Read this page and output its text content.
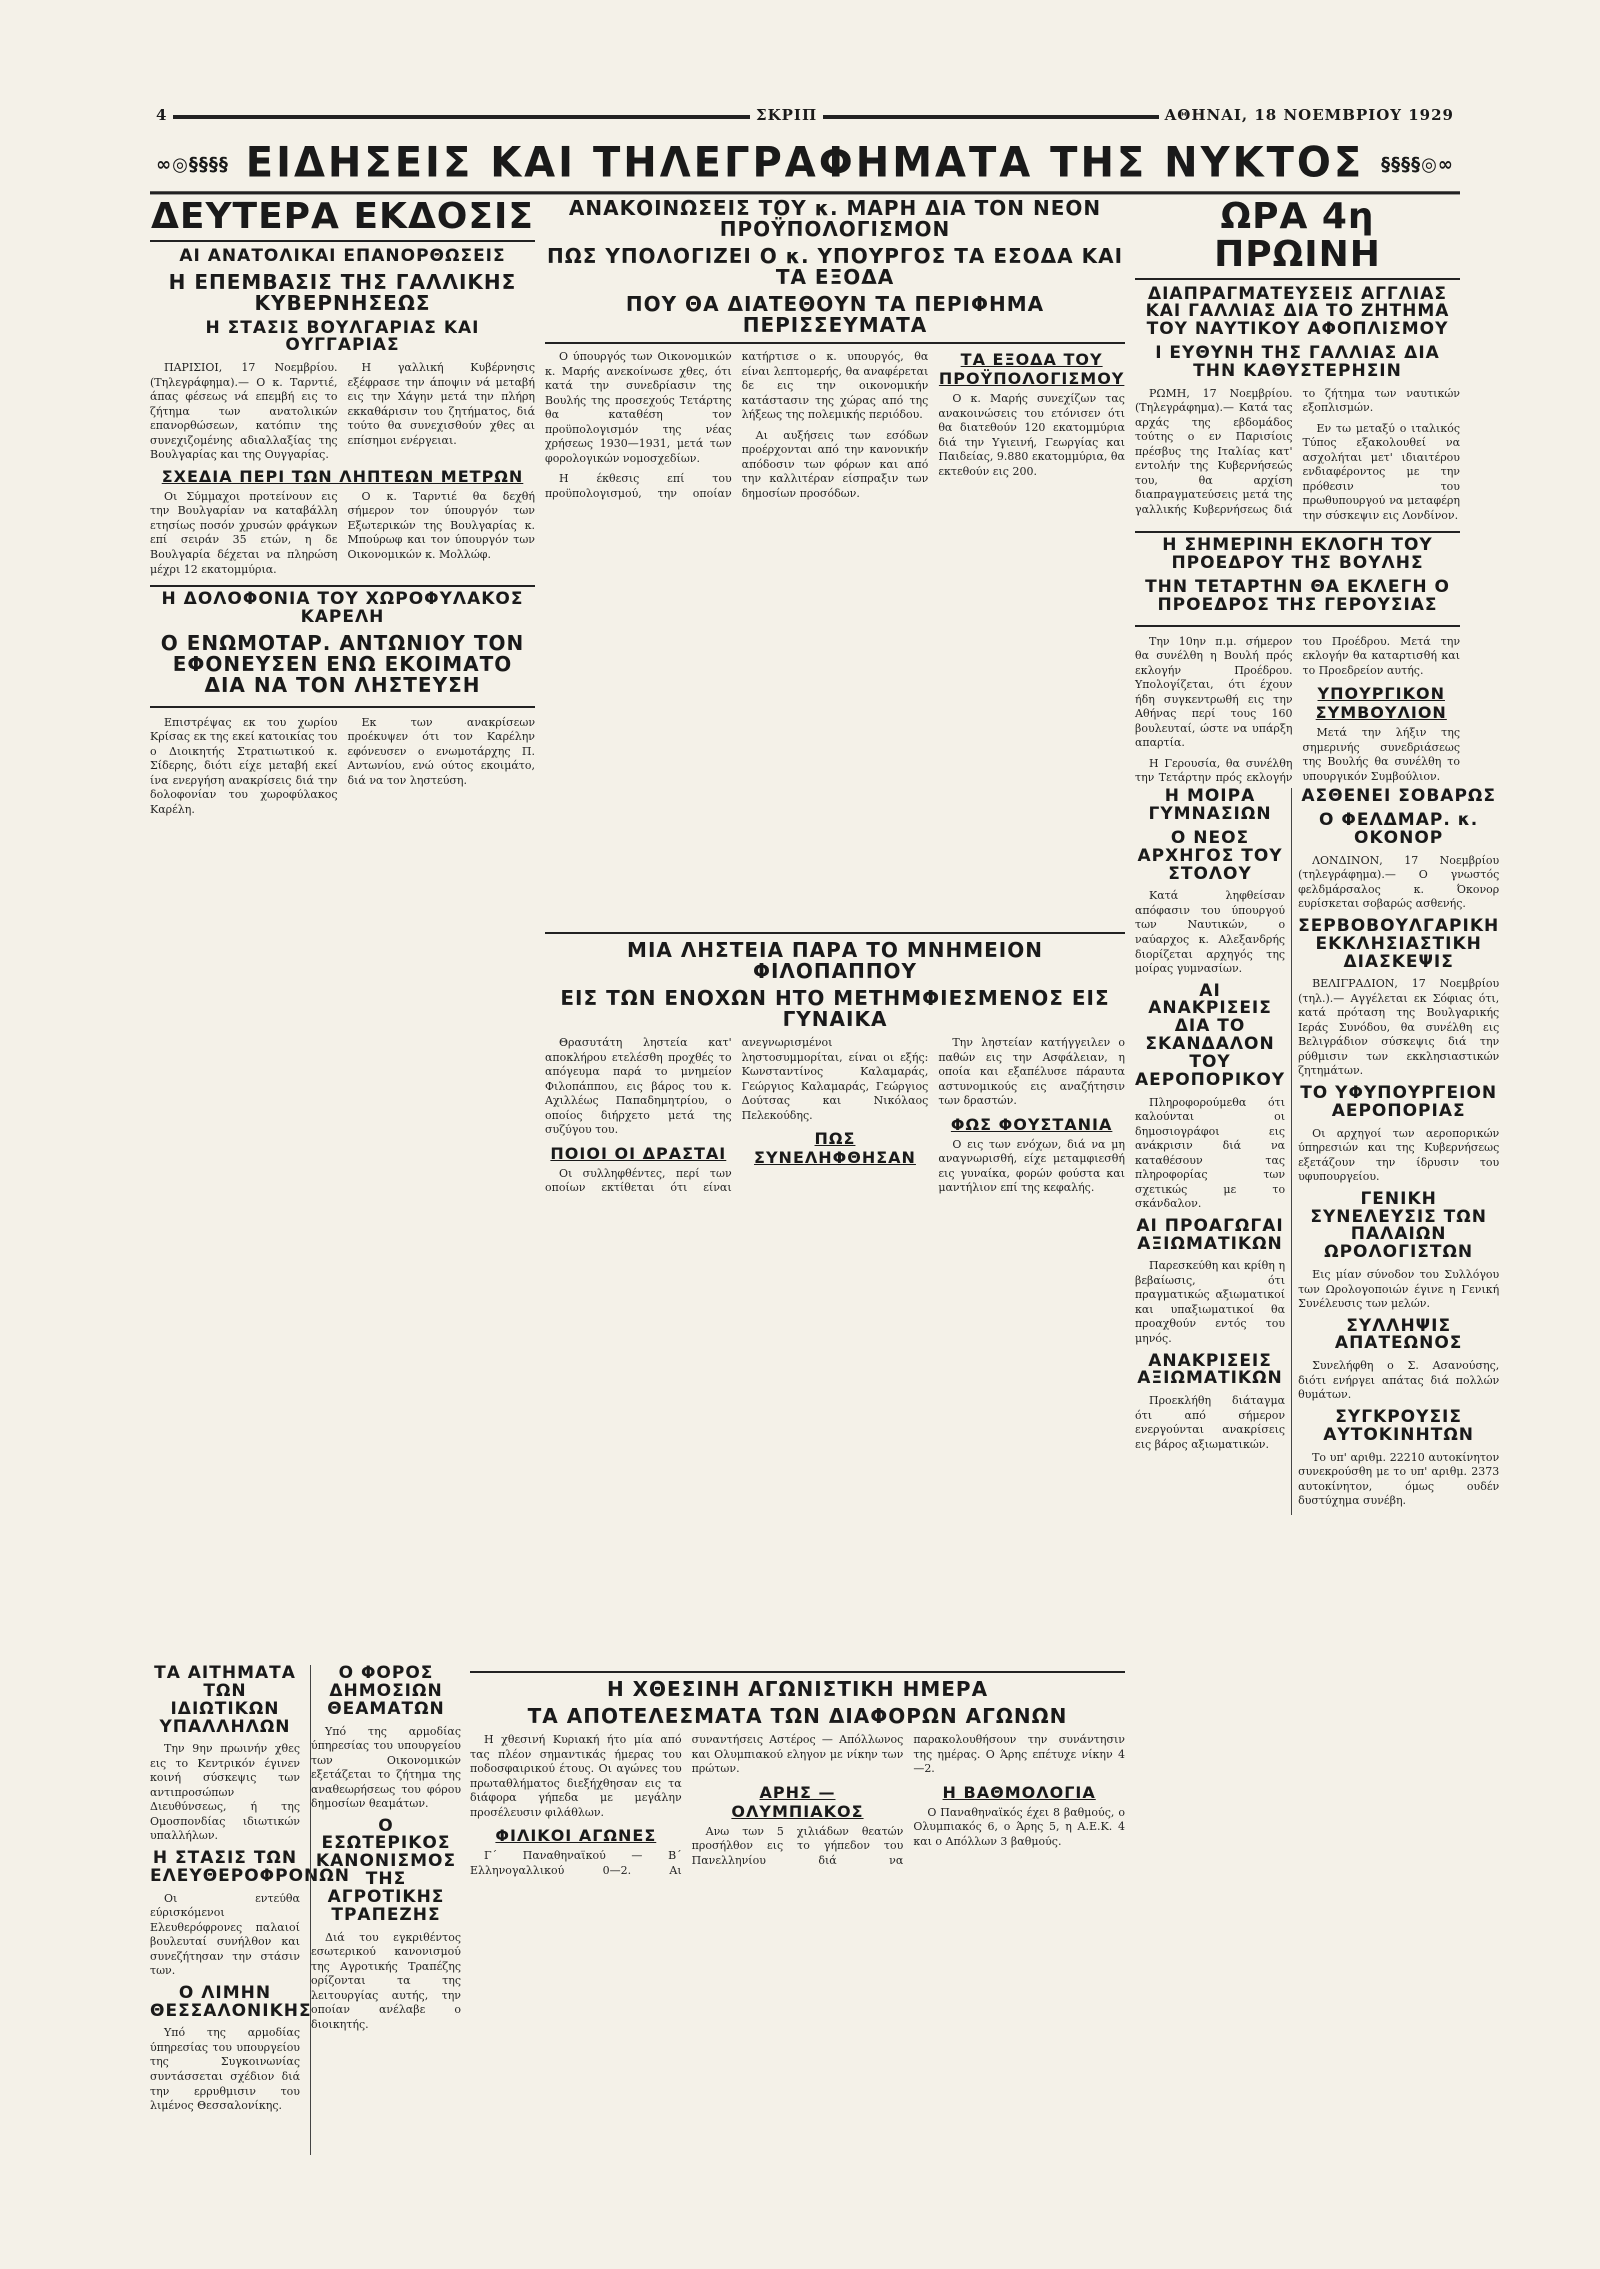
4	ΣΚΡΙΠ	ΑΘΗΝΑΙ, 18 ΝΟΕΜΒΡΙΟΥ 1929
∞◎§§§§ ΕΙΔΗΣΕΙΣ ΚΑΙ ΤΗΛΕΓΡΑΦΗΜΑΤΑ ΤΗΣ ΝΥΚΤΟΣ §§§§◎∞
ΔΕΥΤΕΡΑ ΕΚΔΟΣΙΣ
ΑΙ ΑΝΑΤΟΛΙΚΑΙ ΕΠΑΝΟΡΘΩΣΕΙΣ
Η ΕΠΕΜΒΑΣΙΣ ΤΗΣ ΓΑΛΛΙΚΗΣ ΚΥΒΕΡΝΗΣΕΩΣ
Η ΣΤΑΣΙΣ ΒΟΥΛΓΑΡΙΑΣ ΚΑΙ ΟΥΓΓΑΡΙΑΣ

ΠΑΡΙΣΙΟΙ, 17 Νοεμβρίου. (Τηλεγράφημα).— Ο κ. Ταρντιέ, άπας φέσεως νά επεμβή εις το ζήτημα των ανατολικών επανορθώσεων, κατόπιν της συνεχιζομένης αδιαλλαξίας της Βουλγαρίας και της Ουγγαρίας.

Η γαλλική Κυβέρνησις εξέφρασε την άποψιν νά μεταβή εις την Χάγην μετά την πλήρη εκκαθάρισιν του ζητήματος, διά τούτο θα συνεχισθούν χθες αι επίσημοι ενέργειαι.

ΣΧΕΔΙΑ ΠΕΡΙ ΤΩΝ ΛΗΠΤΕΩΝ ΜΕΤΡΩΝ

Οι Σύμμαχοι προτείνουν εις την Βουλγαρίαν να καταβάλλη ετησίως ποσόν χρυσών φράγκων επί σειράν 35 ετών, η δε Βουλγαρία δέχεται να πληρώση μέχρι 12 εκατομμύρια.

Ο κ. Ταρντιέ θα δεχθή σήμερον τον ύπουργόν των Εξωτερικών της Βουλγαρίας κ. Μπούρωφ και τον ύπουργόν των Οικονομικών κ. Μολλώφ.

Η ΔΟΛΟΦΟΝΙΑ ΤΟΥ ΧΩΡΟΦΥΛΑΚΟΣ ΚΑΡΕΛΗ
Ο ΕΝΩΜΟΤΑΡ. ΑΝΤΩΝΙΟΥ ΤΟΝ ΕΦΟΝΕΥΣΕΝ ΕΝΩ ΕΚΟΙΜΑΤΟ ΔΙΑ ΝΑ ΤΟΝ ΛΗΣΤΕΥΣΗ

Επιστρέψας εκ του χωρίου Κρίσας εκ της εκεί κατοικίας του ο Διοικητής Στρατιωτικού κ. Σίδερης, διότι είχε μεταβή εκεί ίνα ενεργήση ανακρίσεις διά την δολοφονίαν του χωροφύλακος Καρέλη.

Εκ των ανακρίσεων προέκυψεν ότι τον Καρέλην εφόνευσεν ο ενωμοτάρχης Π. Αντωνίου, ενώ ούτος εκοιμάτο, διά να τον ληστεύση.

ΑΝΑΚΟΙΝΩΣΕΙΣ ΤΟΥ κ. ΜΑΡΗ ΔΙΑ ΤΟΝ ΝΕΟΝ ΠΡΟΫΠΟΛΟΓΙΣΜΟΝ
ΠΩΣ ΥΠΟΛΟΓΙΖΕΙ Ο κ. ΥΠΟΥΡΓΟΣ ΤΑ ΕΣΟΔΑ ΚΑΙ ΤΑ ΕΞΟΔΑ
ΠΟΥ ΘΑ ΔΙΑΤΕΘΟΥΝ ΤΑ ΠΕΡΙΦΗΜΑ ΠΕΡΙΣΣΕΥΜΑΤΑ

Ο ύπουργός των Οικονομικών κ. Μαρής ανεκοίνωσε χθες, ότι κατά την συνεδρίασιν της Βουλής της προσεχούς Τετάρτης θα καταθέση τον προϋπολογισμόν της νέας χρήσεως 1930—1931, μετά των φορολογικών νομοσχεδίων.

Η έκθεσις επί του προϋπολογισμού, την οποίαν κατήρτισε ο κ. υπουργός, θα είναι λεπτομερής, θα αναφέρεται δε εις την οικονομικήν κατάστασιν της χώρας από της λήξεως της πολεμικής περιόδου.

Αι αυξήσεις των εσόδων προέρχονται από την κανονικήν απόδοσιν των φόρων και από την καλλιτέραν είσπραξιν των δημοσίων προσόδων.

ΤΑ ΕΞΟΔΑ ΤΟΥ ΠΡΟΫΠΟΛΟΓΙΣΜΟΥ

Ο κ. Μαρής συνεχίζων τας ανακοινώσεις του ετόνισεν ότι θα διατεθούν 120 εκατομμύρια διά την Υγιεινή, Γεωργίας και Παιδείας, 9.880 εκατομμύρια, θα εκτεθούν εις 200.

ΜΙΑ ΛΗΣΤΕΙΑ ΠΑΡΑ ΤΟ ΜΝΗΜΕΙΟΝ ΦΙΛΟΠΑΠΠΟΥ
ΕΙΣ ΤΩΝ ΕΝΟΧΩΝ ΗΤΟ ΜΕΤΗΜΦΙΕΣΜΕΝΟΣ ΕΙΣ ΓΥΝΑΙΚΑ

Θρασυτάτη ληστεία κατ' αποκλήρου ετελέσθη προχθές το απόγευμα παρά το μνημείον Φιλοπάππου, εις βάρος του κ. Αχιλλέως Παπαδημητρίου, ο οποίος διήρχετο μετά της συζύγου του.

ΠΟΙΟΙ ΟΙ ΔΡΑΣΤΑΙ

Οι συλληφθέντες, περί των οποίων εκτίθεται ότι είναι ανεγνωρισμένοι ληστοσυμμορίται, είναι οι εξής: Κωνσταντίνος Καλαμαράς, Γεώργιος Καλαμαράς, Γεώργιος Δούτσας και Νικόλαος Πελεκούδης.

ΠΩΣ ΣΥΝΕΛΗΦΘΗΣΑΝ

Την ληστείαν κατήγγειλεν ο παθών εις την Ασφάλειαν, η οποία και εξαπέλυσε πάραυτα αστυνομικούς εις αναζήτησιν των δραστών.

ΦΩΣ ΦΟΥΣΤΑΝΙΑ

Ο εις των ενόχων, διά να μη αναγνωρισθή, είχε μεταμφιεσθή εις γυναίκα, φορών φούστα και μαντήλιον επί της κεφαλής.

ΤΑ ΑΙΤΗΜΑΤΑ ΤΩΝ ΙΔΙΩΤΙΚΩΝ ΥΠΑΛΛΗΛΩΝ

Την 9ην πρωινήν χθες εις το Κεντρικόν έγινεν κοινή σύσκεψις των αντιπροσώπων Διευθύνσεως, ή της Ομοσπονδίας ιδιωτικών υπαλλήλων.

Η ΣΤΑΣΙΣ ΤΩΝ ΕΛΕΥΘΕΡΟΦΡΟΝΩΝ

Οι εντεύθα εύρισκόμενοι Ελευθερόφρονες παλαιοί βουλευταί συνήλθον και συνεζήτησαν την στάσιν των.

Ο ΛΙΜΗΝ ΘΕΣΣΑΛΟΝΙΚΗΣ

Υπό της αρμοδίας ύπηρεσίας του υπουργείου της Συγκοινωνίας συντάσσεται σχέδιον διά την ερρυθμισιν του λιμένος Θεσσαλονίκης.

Ο ΦΟΡΟΣ ΔΗΜΟΣΙΩΝ ΘΕΑΜΑΤΩΝ

Υπό της αρμοδίας ύπηρεσίας του υπουργείου των Οικονομικών εξετάζεται το ζήτημα της αναθεωρήσεως του φόρου δημοσίων θεαμάτων.

Ο ΕΣΩΤΕΡΙΚΟΣ ΚΑΝΟΝΙΣΜΟΣ ΤΗΣ ΑΓΡΟΤΙΚΗΣ ΤΡΑΠΕΖΗΣ

Διά του εγκριθέντος εσωτερικού κανονισμού της Αγροτικής Τραπέζης ορίζονται τα της λειτουργίας αυτής, την οποίαν ανέλαβε ο διοικητής.

Η ΧΘΕΣΙΝΗ ΑΓΩΝΙΣΤΙΚΗ ΗΜΕΡΑ
ΤΑ ΑΠΟΤΕΛΕΣΜΑΤΑ ΤΩΝ ΔΙΑΦΟΡΩΝ ΑΓΩΝΩΝ

Η χθεσινή Κυριακή ήτο μία από τας πλέον σημαντικάς ήμερας του ποδοσφαιρικού έτους. Οι αγώνες του πρωταθλήματος διεξήχθησαν εις τα διάφορα γήπεδα με μεγάλην προσέλευσιν φιλάθλων.

ΦΙΛΙΚΟΙ ΑΓΩΝΕΣ

Γ΄ Παναθηναϊκού — Β΄ Ελληνογαλλικού 0—2. Αι συναντήσεις Αστέρος — Απόλλωνος και Ολυμπιακού εληγον με νίκην των πρώτων.

ΑΡΗΣ — ΟΛΥΜΠΙΑΚΟΣ

Ανω των 5 χιλιάδων θεατών προσήλθον εις το γήπεδον του Πανελληνίου διά να παρακολουθήσουν την συνάντησιν της ημέρας. Ο Άρης επέτυχε νίκην 4—2.

Η ΒΑΘΜΟΛΟΓΙΑ

Ο Παναθηναϊκός έχει 8 βαθμούς, ο Ολυμπιακός 6, ο Άρης 5, η Α.Ε.Κ. 4 και ο Απόλλων 3 βαθμούς.

ΩΡΑ 4η ΠΡΩΙΝΗ
ΔΙΑΠΡΑΓΜΑΤΕΥΣΕΙΣ ΑΓΓΛΙΑΣ ΚΑΙ ΓΑΛΛΙΑΣ ΔΙΑ ΤΟ ΖΗΤΗΜΑ ΤΟΥ ΝΑΥΤΙΚΟΥ ΑΦΟΠΛΙΣΜΟΥ
Ι ΕΥΘΥΝΗ ΤΗΣ ΓΑΛΛΙΑΣ ΔΙΑ ΤΗΝ ΚΑΘΥΣΤΕΡΗΣΙΝ

ΡΩΜΗ, 17 Νοεμβρίου. (Τηλεγράφημα).— Κατά τας αρχάς της εβδομάδος τούτης ο εν Παρισίοις πρέσβυς της Ιταλίας κατ' εντολήν της Κυβερνήσεώς του, θα αρχίση διαπραγματεύσεις μετά της γαλλικής Κυβερνήσεως διά το ζήτημα των ναυτικών εξοπλισμών.

Εν τω μεταξύ ο ιταλικός Τύπος εξακολουθεί να ασχολήται μετ' ιδιαιτέρου ενδιαφέροντος με την πρόθεσιν του πρωθυπουργού να μεταφέρη την σύσκεψιν εις Λονδίνον.

Η ΣΗΜΕΡΙΝΗ ΕΚΛΟΓΗ ΤΟΥ ΠΡΟΕΔΡΟΥ ΤΗΣ ΒΟΥΛΗΣ
ΤΗΝ ΤΕΤΑΡΤΗΝ ΘΑ ΕΚΛΕΓΗ Ο ΠΡΟΕΔΡΟΣ ΤΗΣ ΓΕΡΟΥΣΙΑΣ

Την 10ην π.μ. σήμερον θα συνέλθη η Βουλή πρός εκλογήν Προέδρου. Υπολογίζεται, ότι έχουν ήδη συγκεντρωθή εις την Αθήνας περί τους 160 βουλευταί, ώστε να υπάρξη απαρτία.

Η Γερουσία, θα συνέλθη την Τετάρτην πρός εκλογήν του Προέδρου. Μετά την εκλογήν θα καταρτισθή και το Προεδρείον αυτής.

ΥΠΟΥΡΓΙΚΟΝ ΣΥΜΒΟΥΛΙΟΝ

Μετά την λήξιν της σημερινής συνεδριάσεως της Βουλής θα συνέλθη το υπουργικόν Συμβούλιον.

Η ΜΟΙΡΑ ΓΥΜΝΑΣΙΩΝ
Ο ΝΕΟΣ ΑΡΧΗΓΟΣ ΤΟΥ ΣΤΟΛΟΥ

Κατά ληφθείσαν απόφασιν του ύπουργού των Ναυτικών, ο ναύαρχος κ. Αλεξανδρής διορίζεται αρχηγός της μοίρας γυμνασίων.

ΑΙ ΑΝΑΚΡΙΣΕΙΣ ΔΙΑ ΤΟ ΣΚΑΝΔΑΛΟΝ ΤΟΥ ΑΕΡΟΠΟΡΙΚΟΥ

Πληροφορούμεθα ότι καλούνται οι δημοσιογράφοι εις ανάκρισιν διά να καταθέσουν τας πληροφορίας των σχετικώς με το σκάνδαλον.

ΑΙ ΠΡΟΑΓΩΓΑΙ ΑΞΙΩΜΑΤΙΚΩΝ

Παρεσκεύθη και κρίθη η βεβαίωσις, ότι πραγματικώς αξιωματικοί και υπαξιωματικοί θα προαχθούν εντός του μηνός.

ΑΝΑΚΡΙΣΕΙΣ ΑΞΙΩΜΑΤΙΚΩΝ

Προεκλήθη διάταγμα ότι από σήμερον ενεργούνται ανακρίσεις εις βάρος αξιωματικών.

ΑΣΘΕΝΕΙ ΣΟΒΑΡΩΣ
Ο ΦΕΛΔΜΑΡ. κ. ΟΚΟΝΟΡ

ΛΟΝΔΙΝΟΝ, 17 Νοεμβρίου (τηλεγράφημα).— Ο γνωστός φελδμάρσαλος κ. Όκονορ ευρίσκεται σοβαρώς ασθενής.

ΣΕΡΒΟΒΟΥΛΓΑΡΙΚΗ ΕΚΚΛΗΣΙΑΣΤΙΚΗ ΔΙΑΣΚΕΨΙΣ

ΒΕΛΙΓΡΑΔΙΟΝ, 17 Νοεμβρίου (τηλ.).— Αγγέλεται εκ Σόφιας ότι, κατά πρόταση της Βουλγαρικής Ιεράς Συνόδου, θα συνέλθη εις Βελιγράδιον σύσκεψις διά την ρύθμισιν των εκκλησιαστικών ζητημάτων.

ΤΟ ΥΦΥΠΟΥΡΓΕΙΟΝ ΑΕΡΟΠΟΡΙΑΣ

Οι αρχηγοί των αεροπορικών ύπηρεσιών και της Κυβερνήσεως εξετάζουν την ίδρυσιν του υφυπουργείου.

ΓΕΝΙΚΗ ΣΥΝΕΛΕΥΣΙΣ ΤΩΝ ΠΑΛΑΙΩΝ ΩΡΟΛΟΓΙΣΤΩΝ

Εις μίαν σύνοδον του Συλλόγου των Ωρολογοποιών έγινε η Γενική Συνέλευσις των μελών.

ΣΥΛΛΗΨΙΣ ΑΠΑΤΕΩΝΟΣ

Συνελήφθη ο Σ. Ασανούσης, διότι ενήργει απάτας διά πολλών θυμάτων.

ΣΥΓΚΡΟΥΣΙΣ ΑΥΤΟΚΙΝΗΤΩΝ

Το υπ' αριθμ. 22210 αυτοκίνητον συνεκρούσθη με το υπ' αριθμ. 2373 αυτοκίνητον, όμως ουδέν δυστύχημα συνέβη.
